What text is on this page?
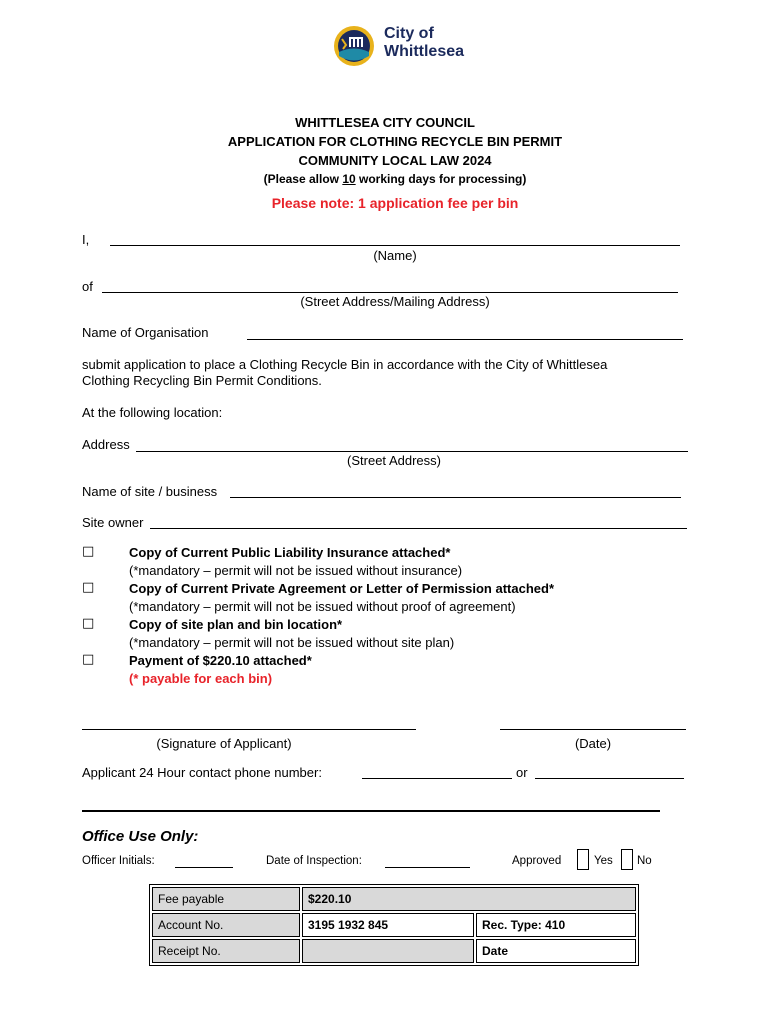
City of
Whittlesea
WHITTLESEA CITY COUNCIL
APPLICATION FOR CLOTHING RECYCLE BIN PERMIT
COMMUNITY LOCAL LAW 2024
(Please allow 10 working days for processing)
Please note: 1 application fee per bin
I,
(Name)
of
(Street Address/Mailing Address)
Name of Organisation
submit application to place a Clothing Recycle Bin in accordance with the City of Whittlesea
Clothing Recycling Bin Permit Conditions.
At the following location:
Address
(Street Address)
Name of site / business
Site owner
□	Copy of Current Public Liability Insurance attached*
(*mandatory – permit will not be issued without insurance)
□	Copy of Current Private Agreement or Letter of Permission attached*
(*mandatory – permit will not be issued without proof of agreement)
□	Copy of site plan and bin location*
(*mandatory – permit will not be issued without site plan)
□	Payment of $220.10 attached*
(* payable for each bin)
(Signature of Applicant)	(Date)
Applicant 24 Hour contact phone number:	or
Office Use Only:
Officer Initials:	Date of Inspection:	Approved	Yes No
Fee payable	$220.10	
Account No.	3195 1932 845	Rec. Type: 410
Receipt No.		Date
